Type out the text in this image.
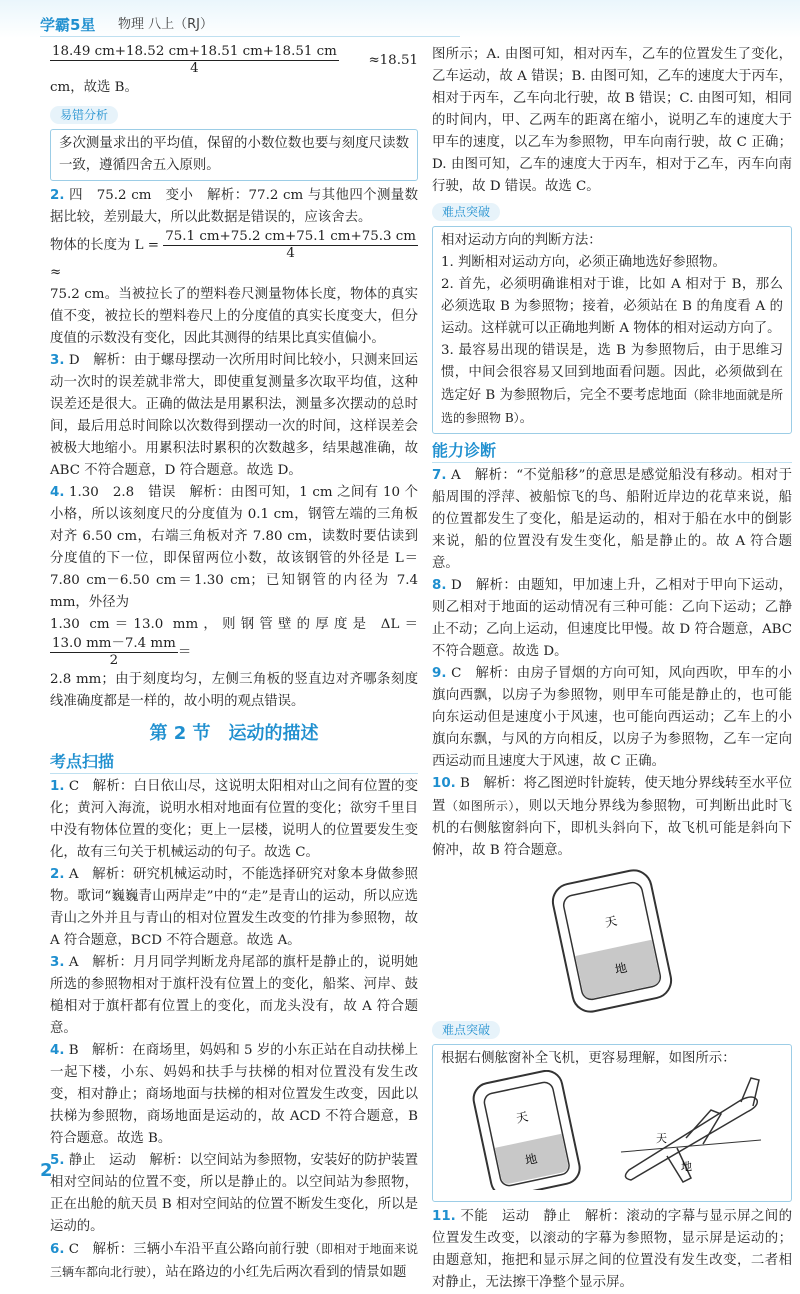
学霸5星 物理 八上（RJ）

$\frac{18.49 cm+18.52 cm+18.51 cm+18.51 cm}{4} \approx 18.51$ cm，故选 B。

易错分析

多次测量求出的平均值，保留的小数位数也要与刻度尺读数一致，遵循四舍五入原则。

2. 四　75.2 cm　变小　解析：77.2 cm 与其他四个测量数据比较，差别最大，所以此数据是错误的，应该舍去。

物体的长度为 $L = \frac{75.1 cm+75.2 cm+75.1 cm+75.3 cm}{4}$
≈

75.2 cm。当被拉长了的塑料卷尺测量物体长度，物体的真实值不变，被拉长的塑料卷尺上的分度值的真实长度变大，但分度值的示数没有变化，因此其测得的结果比真实值偏小。

3. D　解析：由于螺母摆动一次所用时间比较小，只测来回运动一次时的误差就非常大，即使重复测量多次取平均值，这种误差还是很大。正确的做法是用累积法，测量多次摆动的总时间，最后用总时间除以次数得到摆动一次的时间，这样误差会被极大地缩小。用累积法时累积的次数越多，结果越准确，故 ABC 不符合题意，D 符合题意。故选 D。

4. 1.30　2.8　错误　解析：由图可知，1 cm 之间有 10 个小格，所以该刻度尺的分度值为 0.1 cm，钢管左端的三角板对齐 6.50 cm，右端三角板对齐 7.80 cm，读数时要估读到分度值的下一位，即保留两位小数，故该钢管的外径是 L＝7.80 cm－6.50 cm＝1.30 cm；已知钢管的内径为 7.4 mm，外径为

1.30 cm＝13.0 mm，则钢管壁的厚度是 ΔL＝
$\frac{13.0 mm-7.4 mm}{2}$ ＝

2.8 mm；由于刻度均匀，左侧三角板的竖直边对齐哪条刻度线准确度都是一样的，故小明的观点错误。

第 2 节　运动的描述
考点扫描

1. C　解析：白日依山尽，这说明太阳相对山之间有位置的变化；黄河入海流，说明水相对地面有位置的变化；欲穷千里目中没有物体位置的变化；更上一层楼，说明人的位置要发生变化，故有三句关于机械运动的句子。故选 C。

2. A　解析：研究机械运动时，不能选择研究对象本身做参照物。歌词“巍巍青山两岸走”中的“走”是青山的运动，所以应选青山之外并且与青山的相对位置发生改变的竹排为参照物，故 A 符合题意，BCD 不符合题意。故选 A。

3. A　解析：月月同学判断龙舟尾部的旗杆是静止的，说明她所选的参照物相对于旗杆没有位置上的变化，船桨、河岸、鼓槌相对于旗杆都有位置上的变化，而龙头没有，故 A 符合题意。

4. B　解析：在商场里，妈妈和 5 岁的小东正站在自动扶梯上一起下楼，小东、妈妈和扶手与扶梯的相对位置没有发生改变，相对静止；商场地面与扶梯的相对位置发生改变，因此以扶梯为参照物，商场地面是运动的，故 ACD 不符合题意，B 符合题意。故选 B。

5. 静止　运动　解析：以空间站为参照物，安装好的防护装置相对空间站的位置不变，所以是静止的。以空间站为参照物，正在出舱的航天员 B 相对空间站的位置不断发生变化，所以是运动的。

6. C　解析：三辆小车沿平直公路向前行驶（即相对于地面来说三辆车都向北行驶），站在路边的小红先后两次看到的情景如题

图所示；A. 由图可知，相对丙车，乙车的位置发生了变化，乙车运动，故 A 错误；B. 由图可知，乙车的速度大于丙车，相对于丙车，乙车向北行驶，故 B 错误；C. 由图可知，相同的时间内，甲、乙两车的距离在缩小，说明乙车的速度大于甲车的速度，以乙车为参照物，甲车向南行驶，故 C 正确；D. 由图可知，乙车的速度大于丙车，相对于乙车，丙车向南行驶，故 D 错误。故选 C。

难点突破

相对运动方向的判断方法：

1. 判断相对运动方向，必须正确地选好参照物。

2. 首先，必须明确谁相对于谁，比如 A 相对于 B，那么必须选取 B 为参照物；接着，必须站在 B 的角度看 A 的运动。这样就可以正确地判断 A 物体的相对运动方向了。

3. 最容易出现的错误是，选 B 为参照物后，由于思维习惯，中间会很容易又回到地面看问题。因此，必须做到在选定好 B 为参照物后，完全不要考虑地面（除非地面就是所选的参照物 B）。

能力诊断

7. A　解析：“不觉船移”的意思是感觉船没有移动。相对于船周围的浮萍、被船惊飞的鸟、船附近岸边的花草来说，船的位置都发生了变化，船是运动的，相对于船在水中的倒影来说，船的位置没有发生变化，船是静止的。故 A 符合题意。

8. D　解析：由题知，甲加速上升，乙相对于甲向下运动，则乙相对于地面的运动情况有三种可能：乙向下运动；乙静止不动；乙向上运动，但速度比甲慢。故 D 符合题意，ABC 不符合题意。故选 D。

9. C　解析：由房子冒烟的方向可知，风向西吹，甲车的小旗向西飘，以房子为参照物，则甲车可能是静止的，也可能向东运动但是速度小于风速，也可能向西运动；乙车上的小旗向东飘，与风的方向相反，以房子为参照物，乙车一定向西运动而且速度大于风速，故 C 正确。

10. B　解析：将乙图逆时针旋转，使天地分界线转至水平位置（如图所示），则以天地分界线为参照物，可判断出此时飞机的右侧舷窗斜向下，即机头斜向下，故飞机可能是斜向下俯冲，故 B 符合题意。

天
地
难点突破

根据右侧舷窗补全飞机，更容易理解，如图所示：

天
地
天
地

11. 不能　运动　静止　解析：滚动的字幕与显示屏之间的位置发生改变，以滚动的字幕为参照物，显示屏是运动的；由题意知，拖把和显示屏之间的位置没有发生改变，二者相对静止，无法擦干净整个显示屏。

2
